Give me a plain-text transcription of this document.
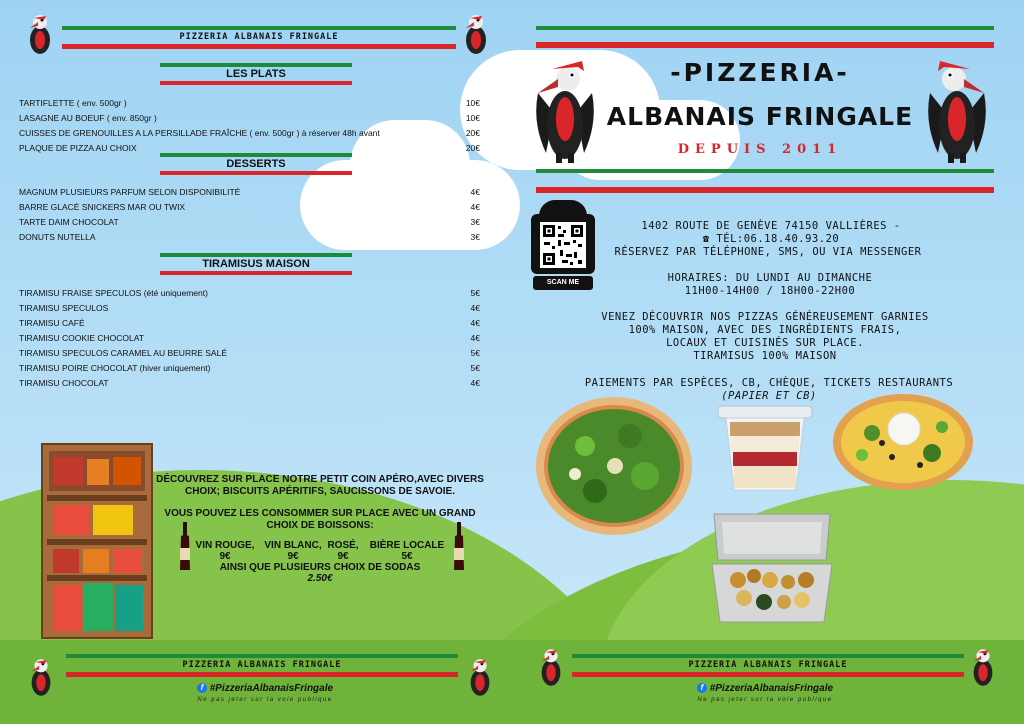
PIZZERIA ALBANAIS FRINGALE
LES PLATS
TARTIFLETTE ( env. 500gr )	10€
LASAGNE AU BOEUF ( env. 850gr )	10€
CUISSES DE GRENOUILLES A LA PERSILLADE FRAÎCHE ( env. 500gr ) à réserver 48h avant	20€
PLAQUE DE PIZZA AU CHOIX	20€
DESSERTS
MAGNUM PLUSIEURS PARFUM SELON DISPONIBILITÉ	4€
BARRE GLACÉ SNICKERS MAR OU TWIX	4€
TARTE DAIM CHOCOLAT	3€
DONUTS NUTELLA	3€
TIRAMISUS MAISON
TIRAMISU FRAISE SPECULOS (été uniquement)	5€
TIRAMISU SPECULOS	4€
TIRAMISU CAFÉ	4€
TIRAMISU COOKIE CHOCOLAT	4€
TIRAMISU SPECULOS CARAMEL AU BEURRE SALÉ	5€
TIRAMISU POIRE CHOCOLAT (hiver uniquement)	5€
TIRAMISU CHOCOLAT	4€
DÉCOUVREZ SUR PLACE NOTRE PETIT COIN APÉRO,AVEC DIVERS
CHOIX; BISCUITS APÉRITIFS, SAUCISSONS DE SAVOIE.
VOUS POUVEZ LES CONSOMMER SUR PLACE AVEC UN GRAND
CHOIX DE BOISSONS:
VIN ROUGE,
9€
VIN BLANC,
9€
ROSÉ,
9€
BIÈRE LOCALE
5€
AINSI QUE PLUSIEURS CHOIX DE SODAS
2.50€
PIZZERIA ALBANAIS FRINGALE
f #PizzeriaAlbanaisFringale
Ne pas jeter sur la voie publique
-PIZZERIA-
ALBANAIS FRINGALE
DEPUIS 2011
SCAN ME
1402 ROUTE DE GENÈVE 74150 VALLIÈRES -
☎ TÉL:06.18.40.93.20
RÉSERVEZ PAR TÉLÉPHONE, SMS, OU VIA MESSENGER
HORAIRES: DU LUNDI AU DIMANCHE
11H00-14H00 / 18H00-22H00
VENEZ DÉCOUVRIR NOS PIZZAS GÉNÉREUSEMENT GARNIES
100% MAISON, AVEC DES INGRÉDIENTS FRAIS,
LOCAUX ET CUISINÉS SUR PLACE.
TIRAMISUS 100% MAISON
PAIEMENTS PAR ESPÈCES, CB, CHÈQUE, TICKETS RESTAURANTS
(PAPIER ET CB)
PIZZERIA ALBANAIS FRINGALE
f #PizzeriaAlbanaisFringale
Ne pas jeter sur la voie publique
